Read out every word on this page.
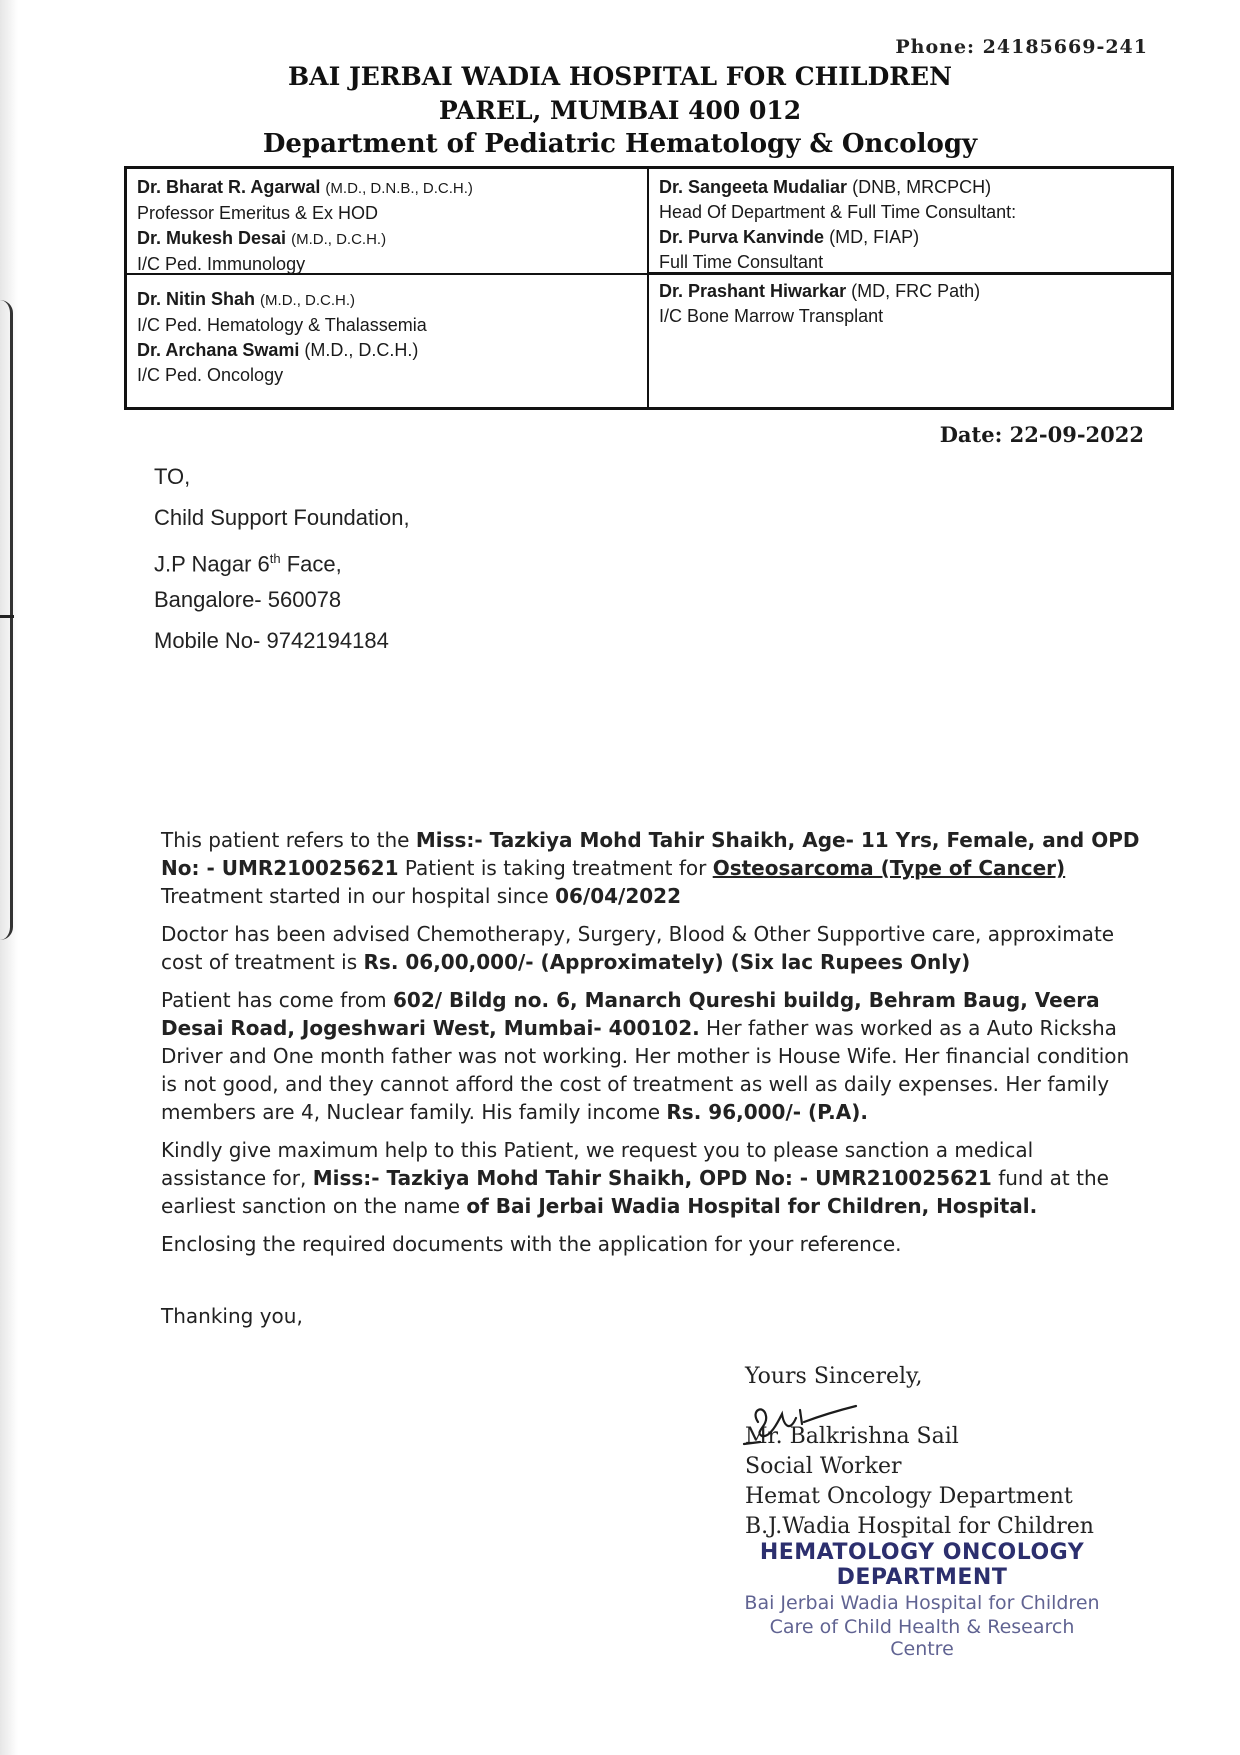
Phone: 24185669-241
BAI JERBAI WADIA HOSPITAL FOR CHILDREN
PAREL, MUMBAI 400 012
Department of Pediatric Hematology & Oncology
Dr. Bharat R. Agarwal (M.D., D.N.B., D.C.H.)
Professor Emeritus & Ex HOD
Dr. Mukesh Desai (M.D., D.C.H.)
I/C Ped. Immunology
Dr. Sangeeta Mudaliar (DNB, MRCPCH)
Head Of Department & Full Time Consultant:
Dr. Purva Kanvinde (MD, FIAP)
Full Time Consultant
Dr. Nitin Shah (M.D., D.C.H.)
I/C Ped. Hematology & Thalassemia
Dr. Archana Swami (M.D., D.C.H.)
I/C Ped. Oncology
Dr. Prashant Hiwarkar (MD, FRC Path)
I/C Bone Marrow Transplant
Date: 22-09-2022
TO,
Child Support Foundation,
J.P Nagar 6th Face,
Bangalore- 560078
Mobile No- 9742194184

This patient refers to the Miss:- Tazkiya Mohd Tahir Shaikh, Age- 11 Yrs, Female, and OPD No: - UMR210025621 Patient is taking treatment for Osteosarcoma (Type of Cancer) Treatment started in our hospital since 06/04/2022

Doctor has been advised Chemotherapy, Surgery, Blood & Other Supportive care, approximate cost of treatment is Rs. 06,00,000/- (Approximately) (Six lac Rupees Only)

Patient has come from 602/ Bildg no. 6, Manarch Qureshi buildg, Behram Baug, Veera Desai Road, Jogeshwari West, Mumbai- 400102. Her father was worked as a Auto Ricksha Driver and One month father was not working. Her mother is House Wife. Her financial condition is not good, and they cannot afford the cost of treatment as well as daily expenses. Her family members are 4, Nuclear family. His family income Rs. 96,000/- (P.A).

Kindly give maximum help to this Patient, we request you to please sanction a medical assistance for, Miss:- Tazkiya Mohd Tahir Shaikh, OPD No: - UMR210025621 fund at the earliest sanction on the name of Bai Jerbai Wadia Hospital for Children, Hospital.

Enclosing the required documents with the application for your reference.

Thanking you,
Yours Sincerely,
Mr. Balkrishna Sail
Social Worker
Hemat Oncology Department
B.J.Wadia Hospital for Children
HEMATOLOGY ONCOLOGY DEPARTMENT
Bai Jerbai Wadia Hospital for Children
Care of Child Health & Research Centre
